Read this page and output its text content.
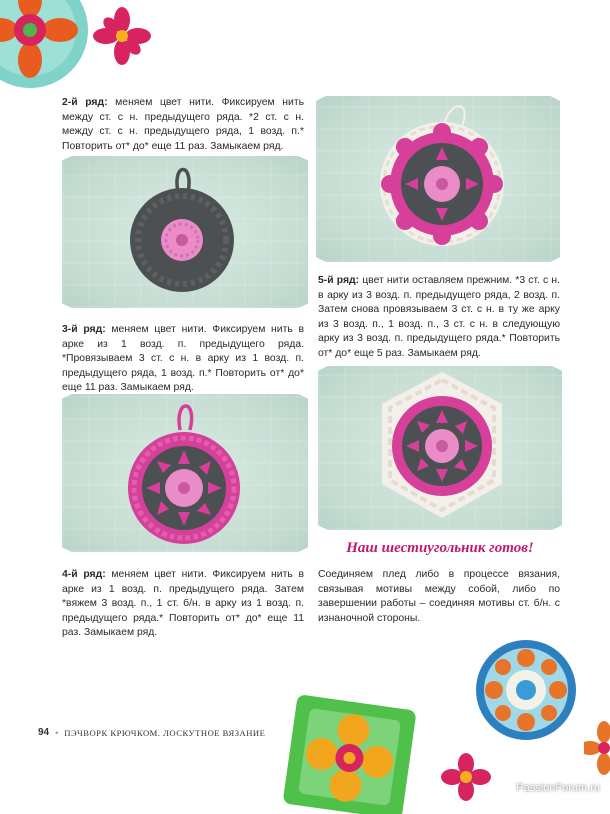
2-й ряд: меняем цвет нити. Фиксируем нить между ст. с н. предыдущего ряда. *2 ст. с н. между ст. с н. предыдущего ряда, 1 возд. п.* Повторить от* до* еще 11 раз. Замыкаем ряд.

3-й ряд: меняем цвет нити. Фиксируем нить в арке из 1 возд. п. предыдущего ряда. *Провязываем 3 ст. с н. в арку из 1 возд. п. предыдущего ряда, 1 возд. п.* Повторить от* до* еще 11 раз. Замыкаем ряд.

4-й ряд: меняем цвет нити. Фиксируем нить в арке из 1 возд. п. предыдущего ряда. Затем *вяжем 3 возд. п., 1 ст. б/н. в арку из 1 возд. п. предыдущего ряда.* Повторить от* до* еще 11 раз. Замыкаем ряд.

5-й ряд: цвет нити оставляем прежним. *3 ст. с н. в арку из 3 возд. п. предыдущего ряда, 2 возд. п. Затем снова провязываем 3 ст. с н. в ту же арку из 3 возд. п., 1 возд. п., 3 ст. с н. в следующую арку из 3 возд. п. предыдущего ряда.* Повторить от* до* еще 5 раз. Замыкаем ряд.

Наш шестиугольник готов!

Соединяем плед либо в процессе вязания, связывая мотивы между собой, либо по завершении работы – соединяя мотивы ст. б/н. с изнаночной стороны.

94 • ПЭЧВОРК КРЮЧКОМ. ЛОСКУТНОЕ ВЯЗАНИЕ
PassionForum.ru
